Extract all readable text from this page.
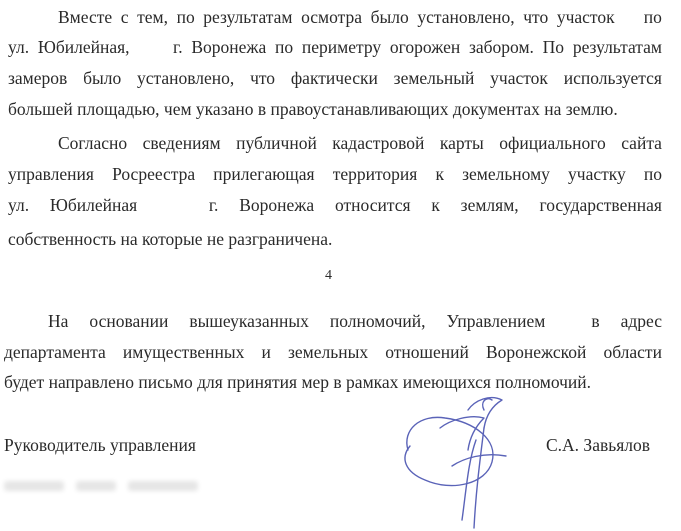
Вместе с тем, по результатам осмотра было установлено, что участок по
ул. Юбилейная, г. Воронежа по периметру огорожен забором. По результатам
замеров было установлено, что фактически земельный участок используется
большей площадью, чем указано в правоустанавливающих документах на землю.
Согласно сведениям публичной кадастровой карты официального сайта
управления Росреестра прилегающая территория к земельному участку по
ул. Юбилейная	г. Воронежа относится к землям, государственная
собственность на которые не разграничена.
4
На основании вышеуказанных полномочий, Управлением	в адрес
департамента имущественных и земельных отношений Воронежской области
будет направлено письмо для принятия мер в рамках имеющихся полномочий.
Руководитель управления	С.А. Завьялов
